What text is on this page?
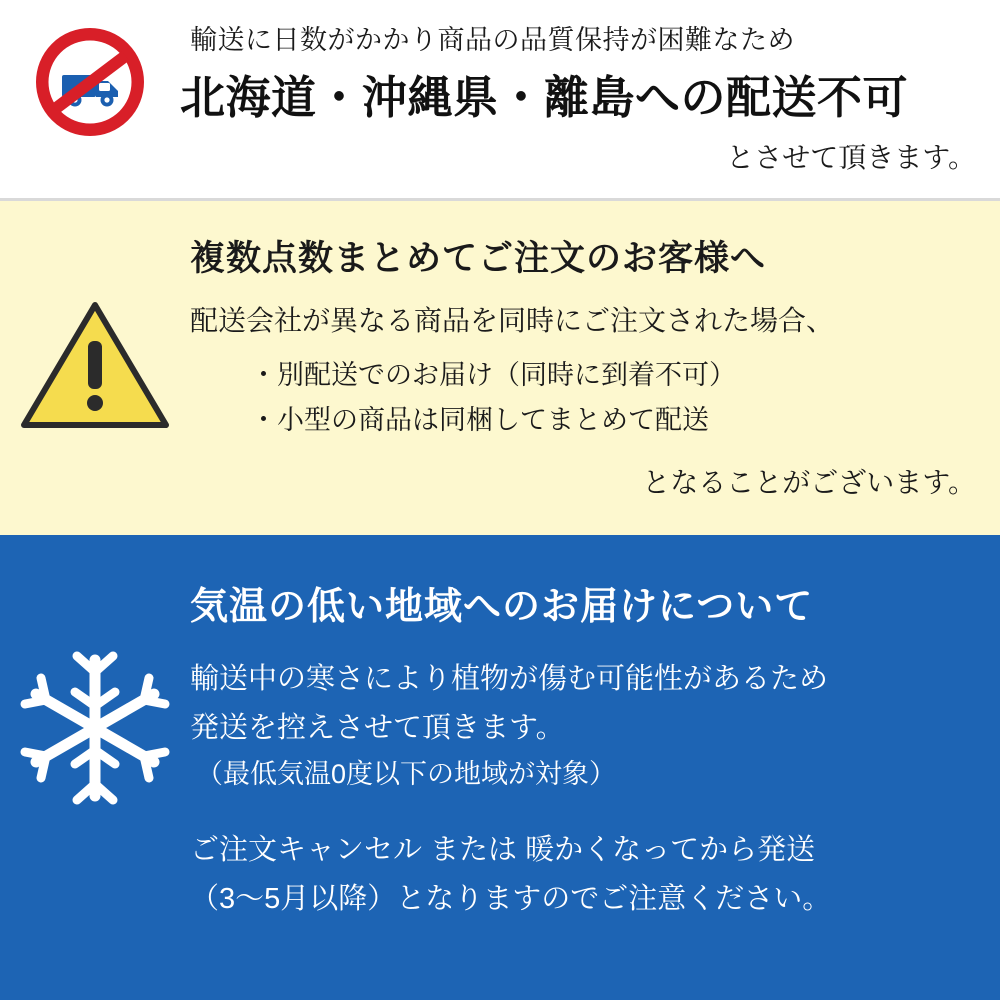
輸送に日数がかかり商品の品質保持が困難なため
北海道・沖縄県・離島への配送不可
とさせて頂きます。
複数点数まとめてご注文のお客様へ
配送会社が異なる商品を同時にご注文された場合、
・別配送でのお届け（同時に到着不可）
・小型の商品は同梱してまとめて配送
となることがございます。
気温の低い地域へのお届けについて
輸送中の寒さにより植物が傷む可能性があるため
発送を控えさせて頂きます。
（最低気温0度以下の地域が対象）
ご注文キャンセル または 暖かくなってから発送
（3〜5月以降）となりますのでご注意ください。
